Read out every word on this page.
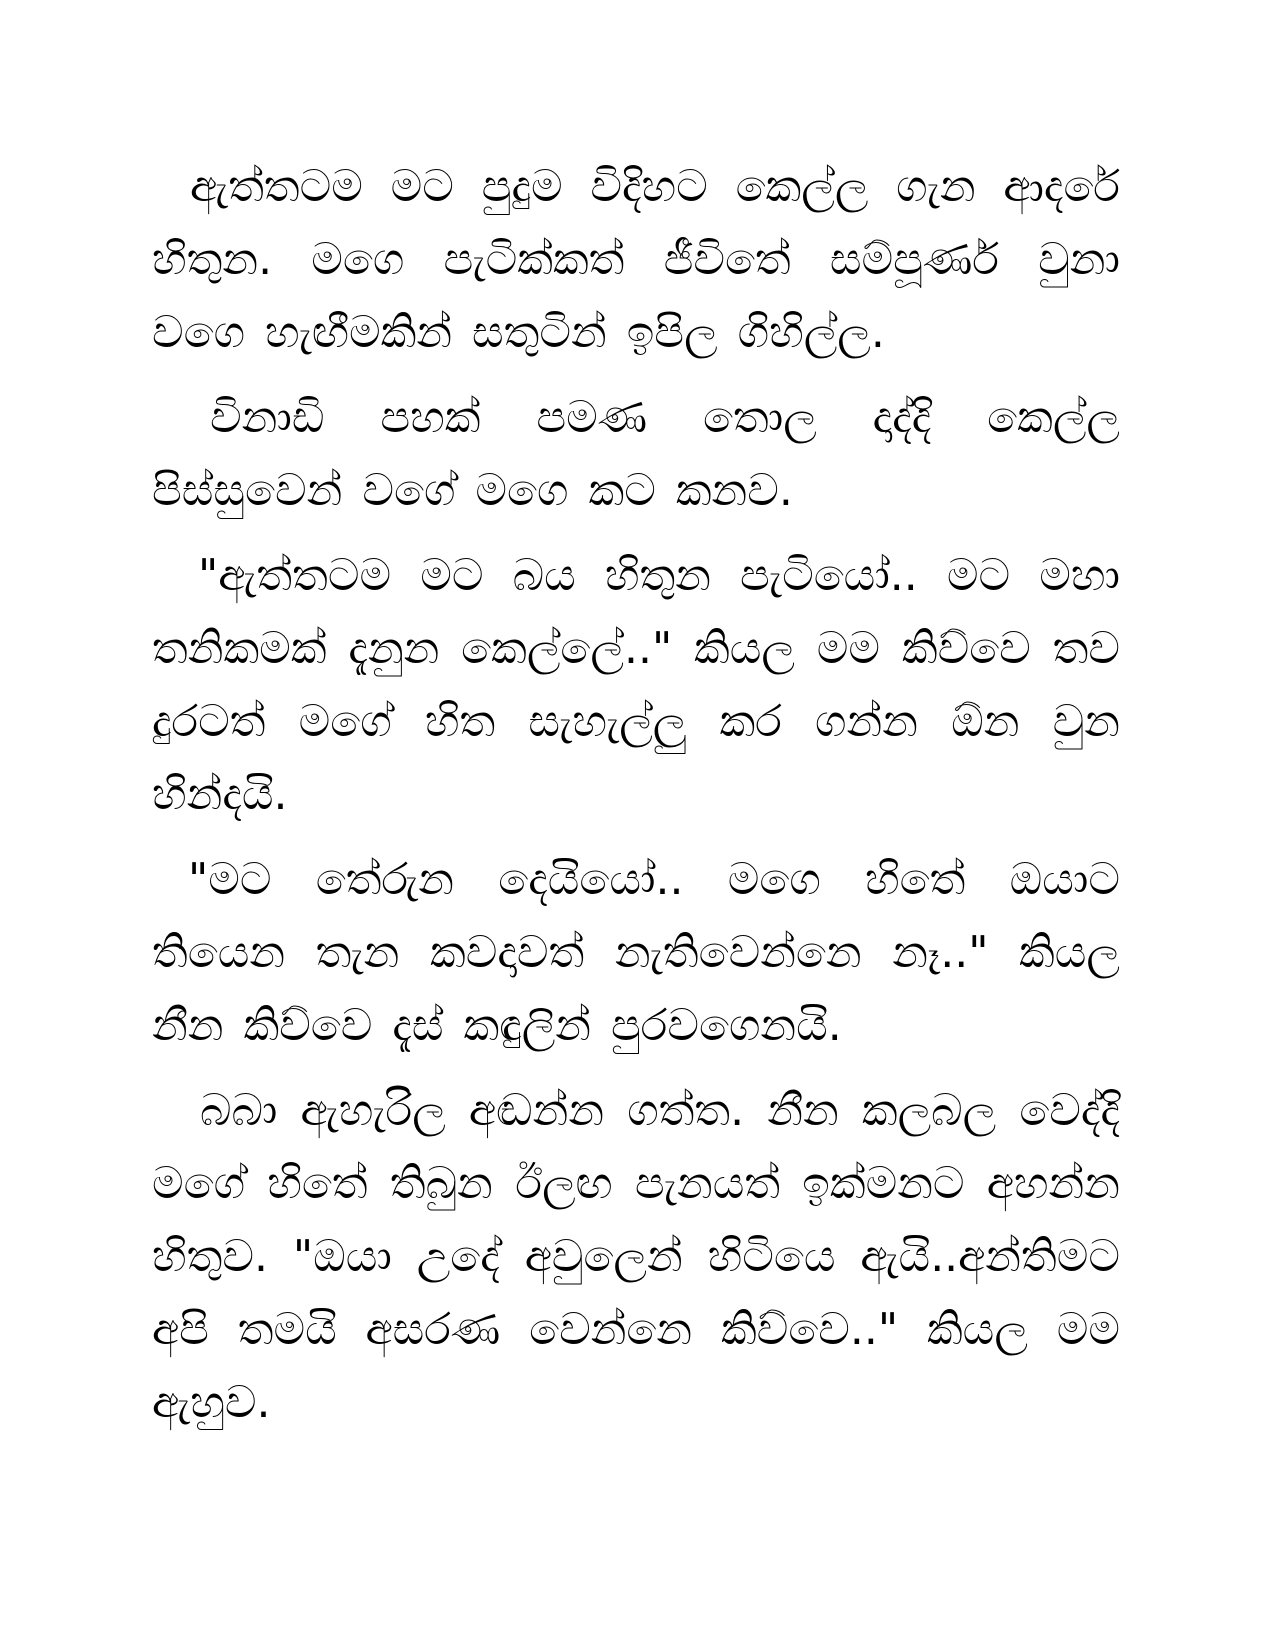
ඇත්තටම මට පුදුම විදිහට කෙල්ල ගැන ආදරේ හිතුන. මගෙ පැටික්කත් ජීවිතේ සම්පූර්ණ වුනා වගෙ හැඟීමකින් සතුටින් ඉපිල ගිහිල්ල.

විනාඩි පහක් පමණ තොල දාද්දි කෙල්ල පිස්සුවෙන් වගේ මගෙ කට කනව.

"ඇත්තටම මට බය හිතුන පැටියෝ.. මට මහා තනිකමක් දැනුන කෙල්ලේ.." කියල මම කිව්වෙ තව දුරටත් මගේ හිත සැහැල්ලු කර ගන්න ඕන වුන හින්දයි.

"මට තේරුන දෙයියෝ.. මගෙ හිතේ ඔයාට තියෙන තැන කවදාවත් නැතිවෙන්නෙ නෑ.." කියල නීන කිව්වෙ දැස් කඳුලින් පුරවගෙනයි.

බබා ඇහැරිල අඬන්න ගත්ත. නීන කලබල වෙද්දි මගේ හිතේ තිබුන ඊලඟ පැනයත් ඉක්මනට අහන්න හිතුව. "ඔයා උදේ අවුලෙන් හිටියෙ ඇයි..අන්තිමට අපි තමයි අසරණ වෙන්නෙ කිව්වෙ.." කියල මම ඇහුව.
